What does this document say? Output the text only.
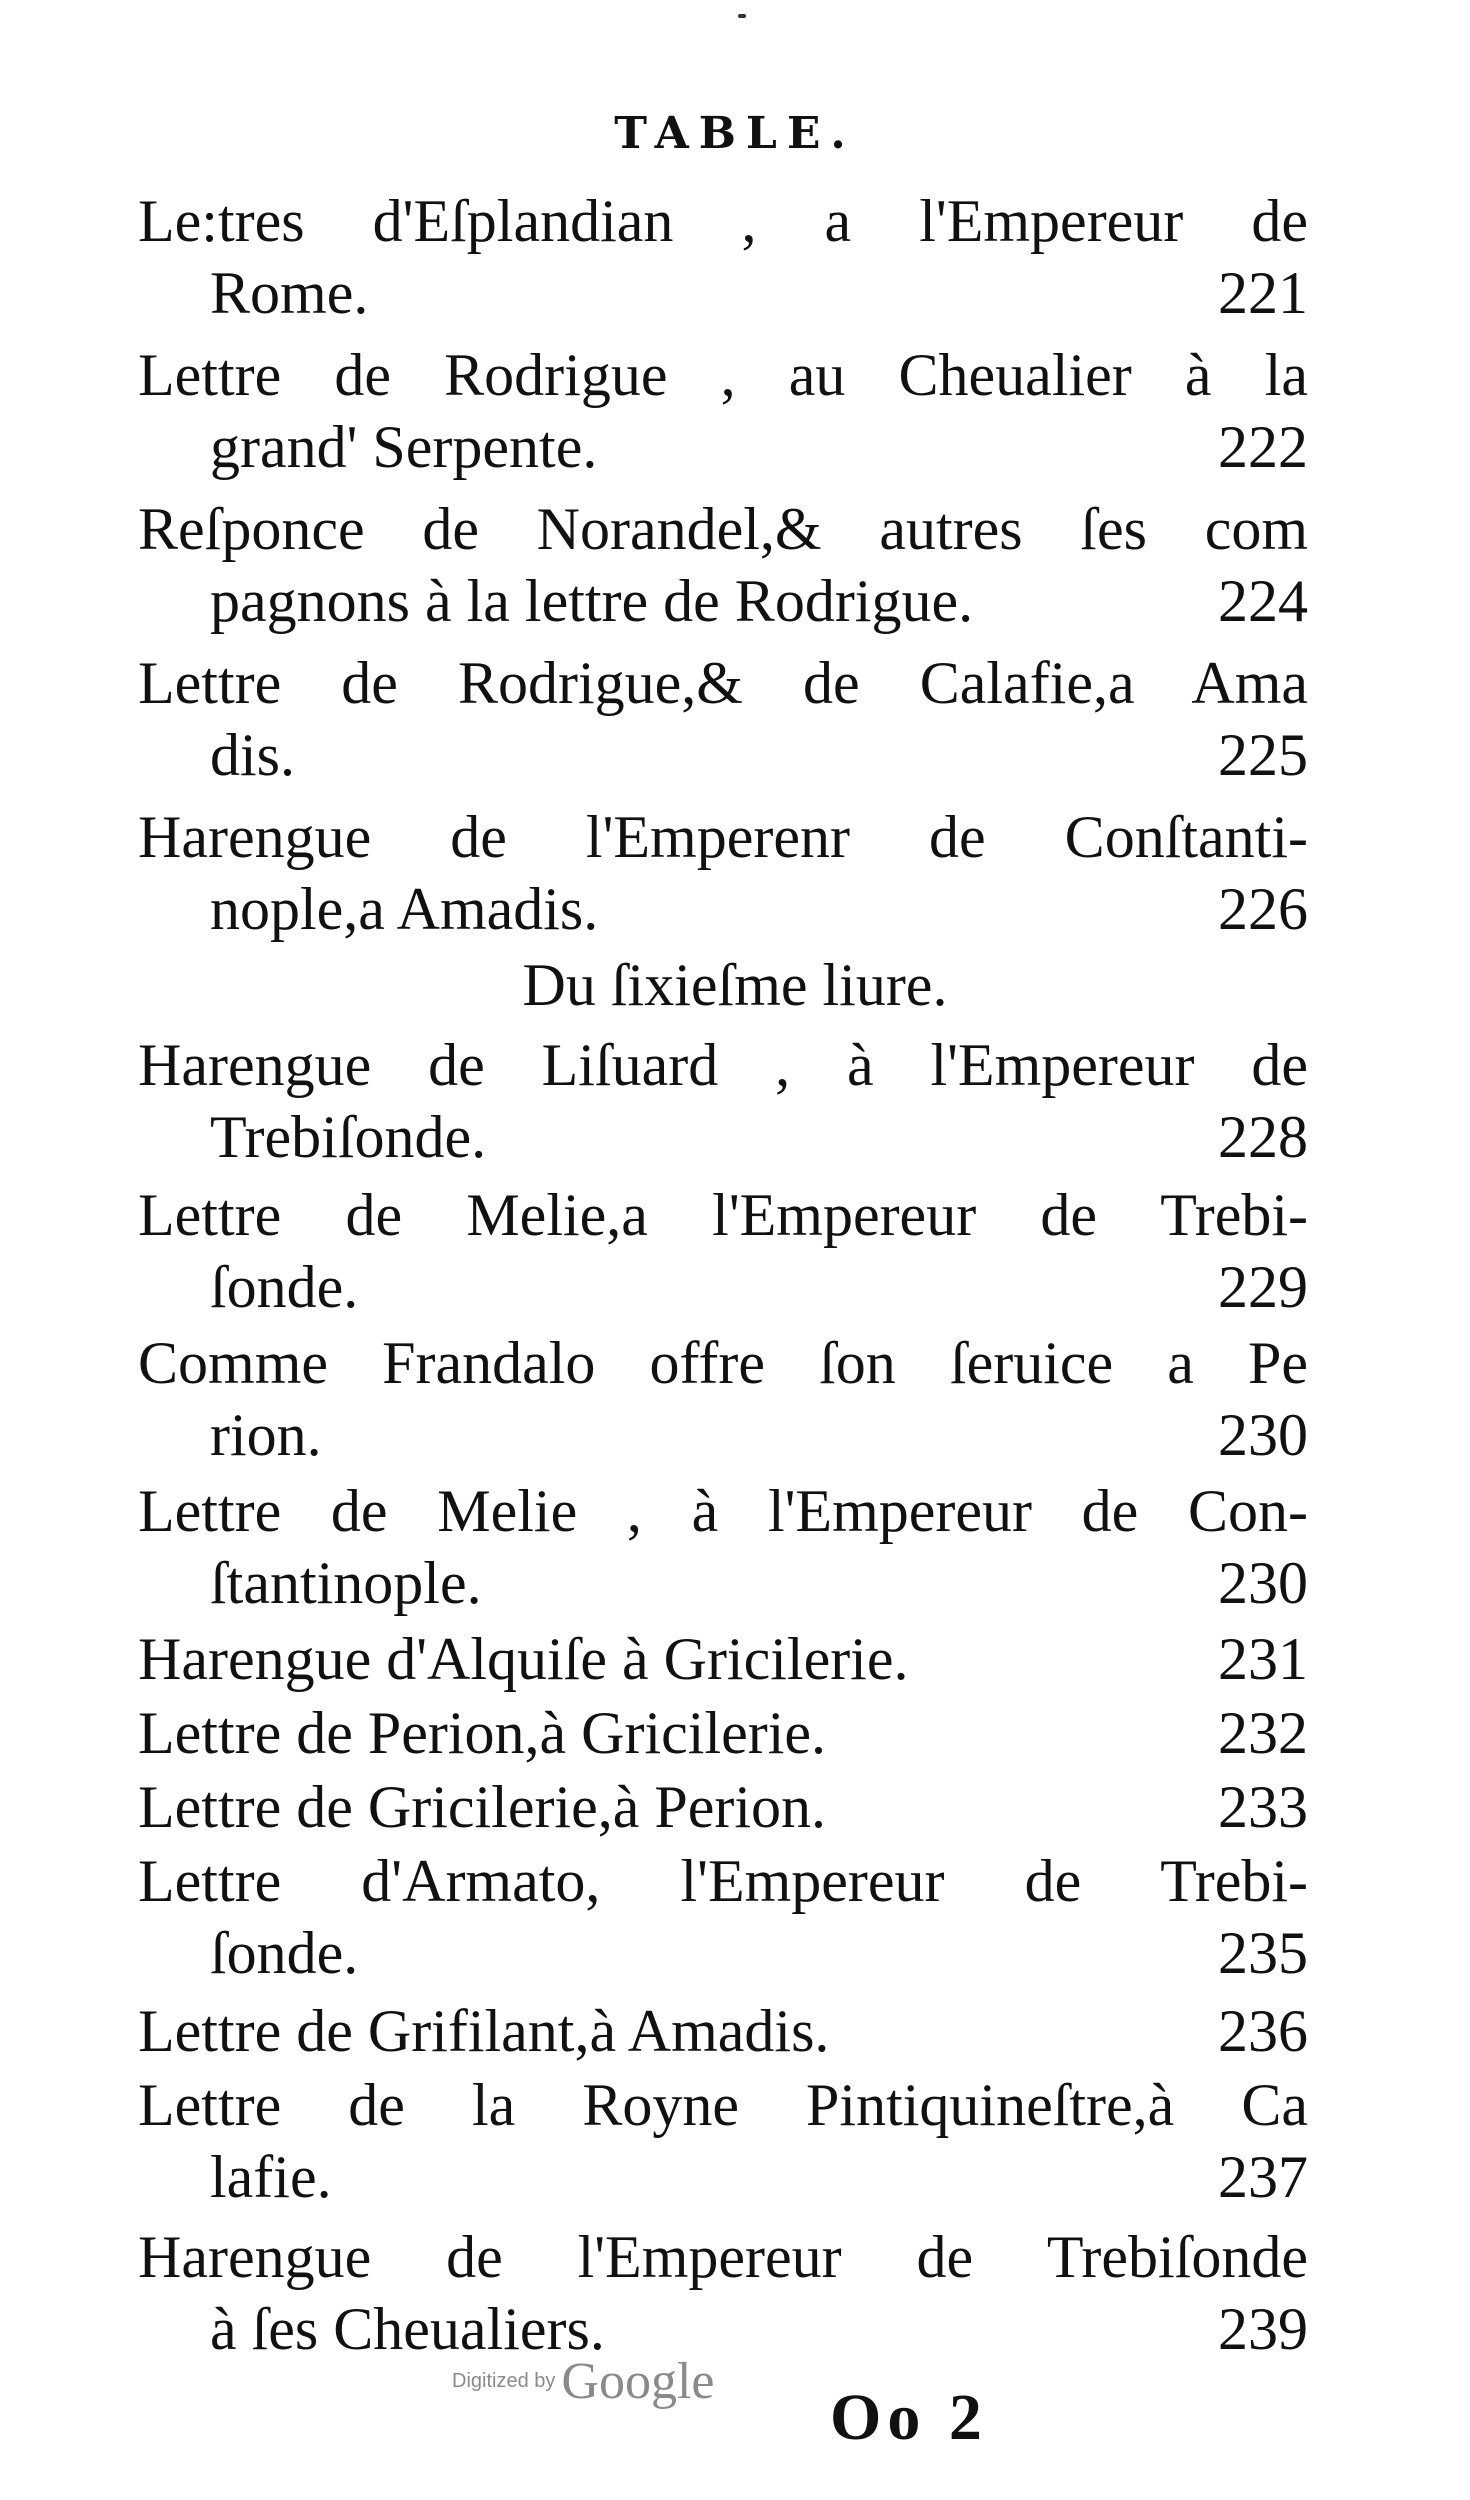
TABLE.
Le:tres d'Eſplandian , a l'Empereur de
Rome.	221
Lettre de Rodrigue , au Cheualier à la
grand' Serpente.	222
Reſponce de Norandel,& autres ſes com
pagnons à la lettre de Rodrigue.	224
Lettre de Rodrigue,& de Calafie,a Ama
dis.	225
Harengue de l'Emperenr de Conſtanti-
nople,a Amadis.	226
Du ſixieſme liure.
Harengue de Liſuard , à l'Empereur de
Trebiſonde.	228
Lettre de Melie,a l'Empereur de Trebi-
ſonde.	229
Comme Frandalo offre ſon ſeruice a Pe
rion.	230
Lettre de Melie , à l'Empereur de Con-
ſtantinople.	230
Harengue d'Alquiſe à Gricilerie.	231
Lettre de Perion,à Gricilerie.	232
Lettre de Gricilerie,à Perion.	233
Lettre d'Armato, l'Empereur de Trebi-
ſonde.	235
Lettre de Grifilant,à Amadis.	236
Lettre de la Royne Pintiquineſtre,à Ca
lafie.	237
Harengue de l'Empereur de Trebiſonde
à ſes Cheualiers.	239
Digitized by Google Oo 2
